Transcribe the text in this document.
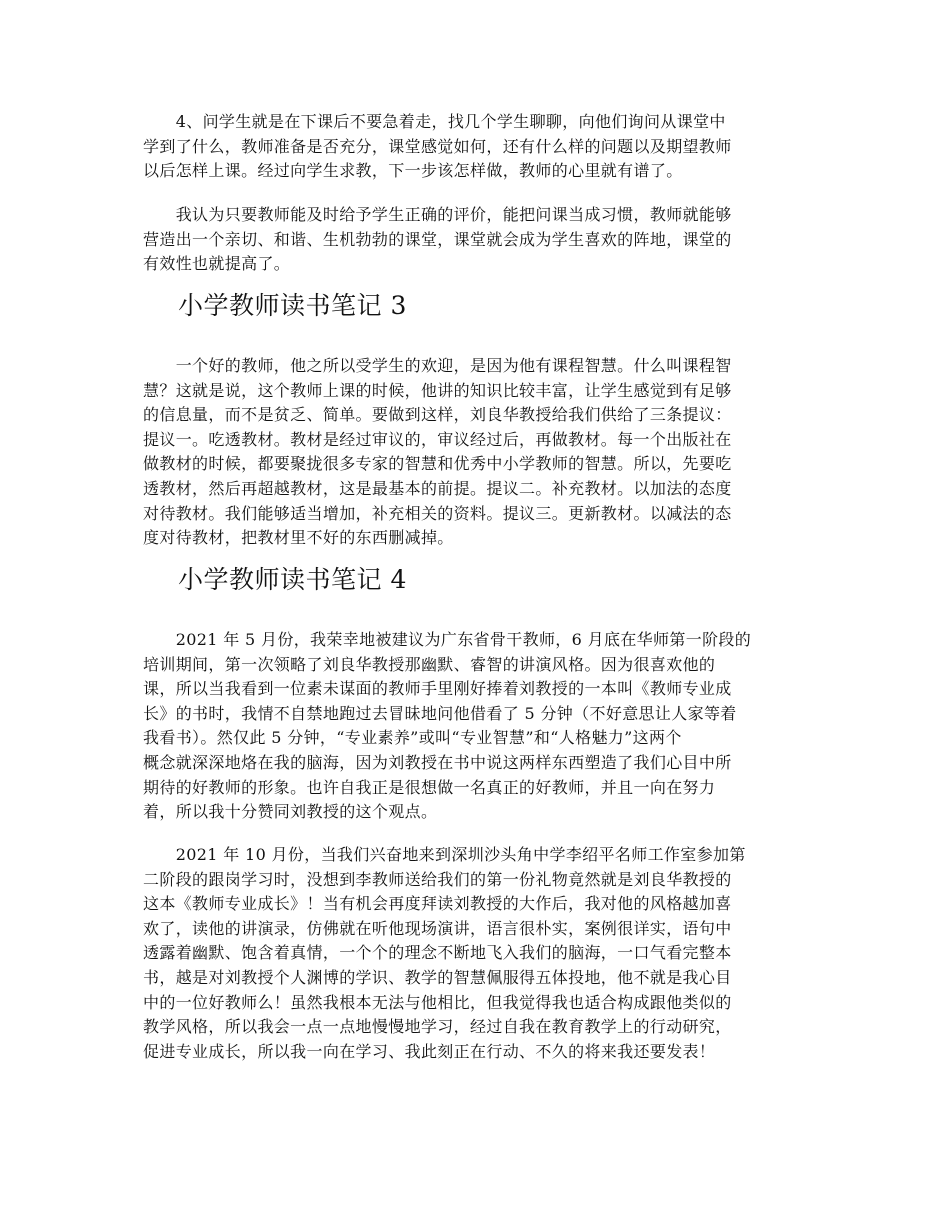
　　4、问学生就是在下课后不要急着走，找几个学生聊聊，向他们询问从课堂中
学到了什么，教师准备是否充分，课堂感觉如何，还有什么样的问题以及期望教师
以后怎样上课。经过向学生求教，下一步该怎样做，教师的心里就有谱了。
　　我认为只要教师能及时给予学生正确的评价，能把问课当成习惯，教师就能够
营造出一个亲切、和谐、生机勃勃的课堂，课堂就会成为学生喜欢的阵地，课堂的
有效性也就提高了。
小学教师读书笔记 3
　　一个好的教师，他之所以受学生的欢迎，是因为他有课程智慧。什么叫课程智
慧？这就是说，这个教师上课的时候，他讲的知识比较丰富，让学生感觉到有足够
的信息量，而不是贫乏、简单。要做到这样，刘良华教授给我们供给了三条提议：
提议一。吃透教材。教材是经过审议的，审议经过后，再做教材。每一个出版社在
做教材的时候，都要聚拢很多专家的智慧和优秀中小学教师的智慧。所以，先要吃
透教材，然后再超越教材，这是最基本的前提。提议二。补充教材。以加法的态度
对待教材。我们能够适当增加，补充相关的资料。提议三。更新教材。以减法的态
度对待教材，把教材里不好的东西删减掉。
小学教师读书笔记 4
　　2021 年 5 月份，我荣幸地被建议为广东省骨干教师，6 月底在华师第一阶段的
培训期间，第一次领略了刘良华教授那幽默、睿智的讲演风格。因为很喜欢他的
课，所以当我看到一位素未谋面的教师手里刚好捧着刘教授的一本叫《教师专业成
长》的书时，我情不自禁地跑过去冒昧地问他借看了 5 分钟（不好意思让人家等着
我看书）。然仅此 5 分钟，“专业素养”或叫“专业智慧”和“人格魅力”这两个
概念就深深地烙在我的脑海，因为刘教授在书中说这两样东西塑造了我们心目中所
期待的好教师的形象。也许自我正是很想做一名真正的好教师，并且一向在努力
着，所以我十分赞同刘教授的这个观点。
　　2021 年 10 月份，当我们兴奋地来到深圳沙头角中学李绍平名师工作室参加第
二阶段的跟岗学习时，没想到李教师送给我们的第一份礼物竟然就是刘良华教授的
这本《教师专业成长》！当有机会再度拜读刘教授的大作后，我对他的风格越加喜
欢了，读他的讲演录，仿佛就在听他现场演讲，语言很朴实，案例很详实，语句中
透露着幽默、饱含着真情，一个个的理念不断地飞入我们的脑海，一口气看完整本
书，越是对刘教授个人渊博的学识、教学的智慧佩服得五体投地，他不就是我心目
中的一位好教师么！虽然我根本无法与他相比，但我觉得我也适合构成跟他类似的
教学风格，所以我会一点一点地慢慢地学习，经过自我在教育教学上的行动研究，
促进专业成长，所以我一向在学习、我此刻正在行动、不久的将来我还要发表！
